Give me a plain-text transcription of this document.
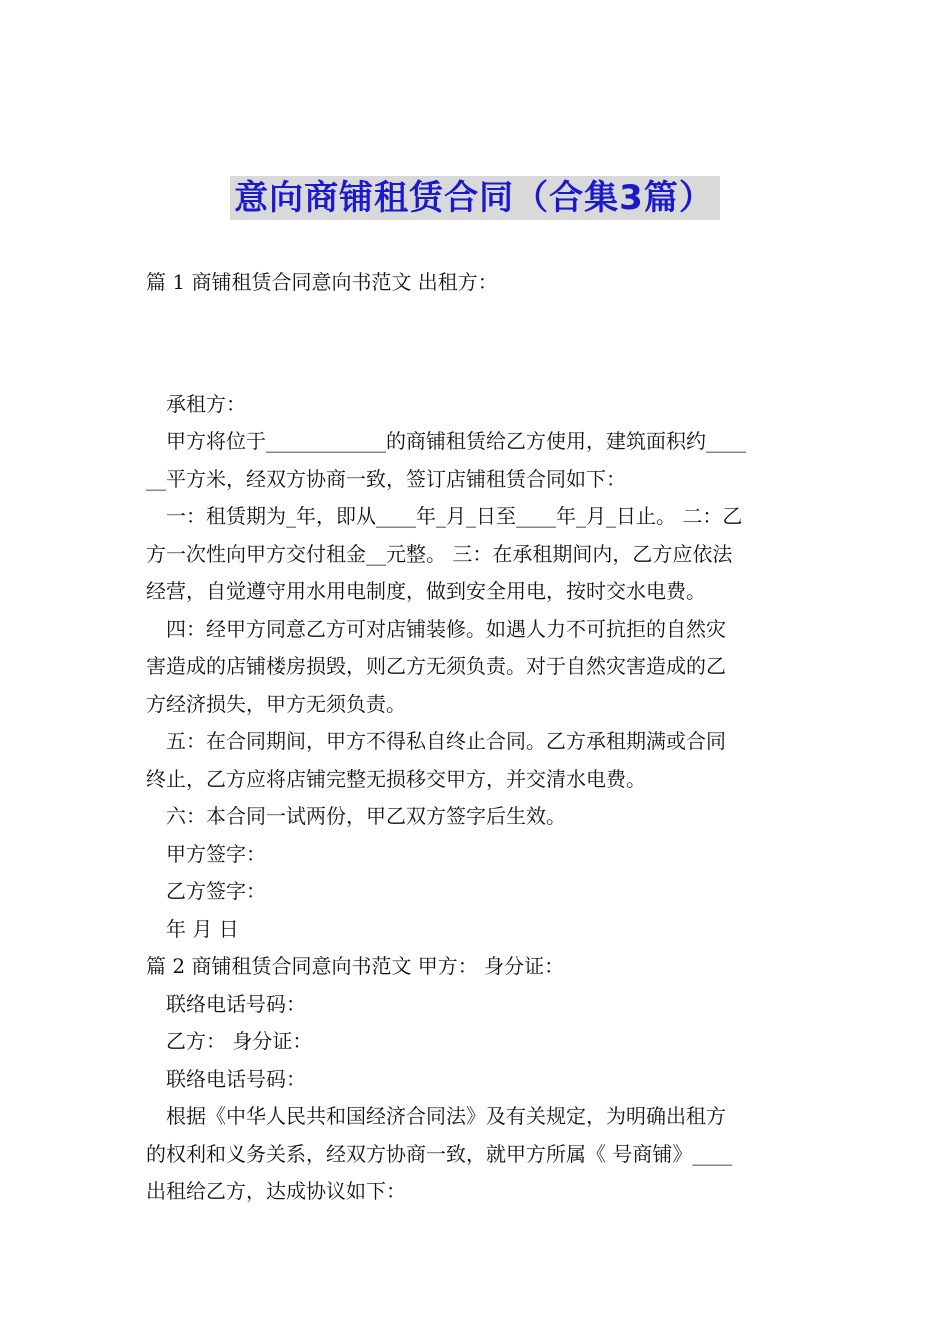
意向商铺租赁合同（合集3篇）
篇 1 商铺租赁合同意向书范文 出租方：
承租方：
甲方将位于____________的商铺租赁给乙方使用，建筑面积约____
__平方米，经双方协商一致，签订店铺租赁合同如下：
一：租赁期为_年，即从____年_月_日至____年_月_日止。 二：乙
方一次性向甲方交付租金__元整。 三：在承租期间内，乙方应依法
经营，自觉遵守用水用电制度，做到安全用电，按时交水电费。
四：经甲方同意乙方可对店铺装修。如遇人力不可抗拒的自然灾
害造成的店铺楼房损毁，则乙方无须负责。对于自然灾害造成的乙
方经济损失，甲方无须负责。
五：在合同期间，甲方不得私自终止合同。乙方承租期满或合同
终止，乙方应将店铺完整无损移交甲方，并交清水电费。
六：本合同一试两份，甲乙双方签字后生效。
甲方签字：
乙方签字：
年 月 日
篇 2 商铺租赁合同意向书范文 甲方： 身分证：
联络电话号码：
乙方： 身分证：
联络电话号码：
根据《中华人民共和国经济合同法》及有关规定，为明确出租方
的权利和义务关系，经双方协商一致，就甲方所属《 号商铺》____
出租给乙方，达成协议如下：
